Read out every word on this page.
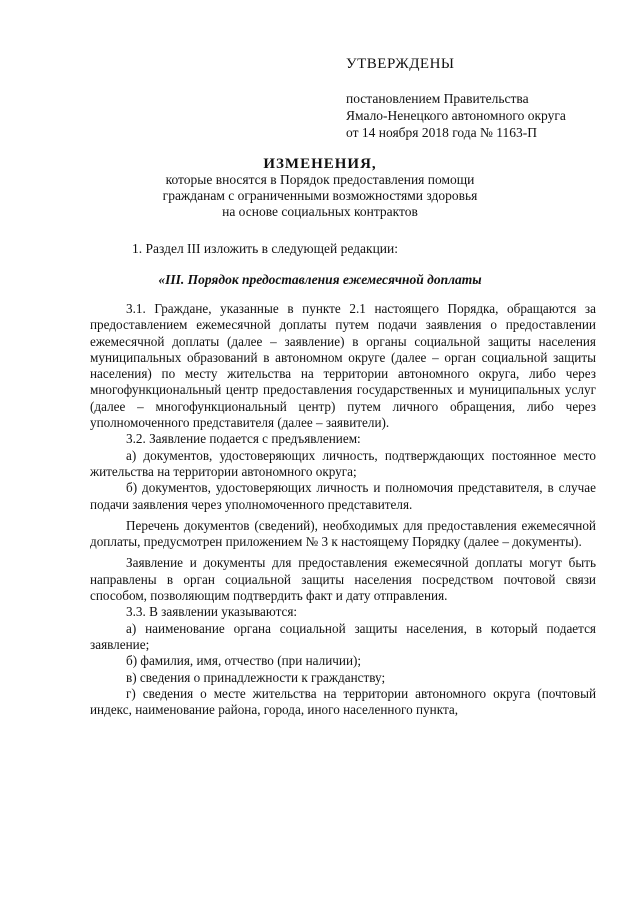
УТВЕРЖДЕНЫ
постановлением Правительства
Ямало-Ненецкого автономного округа
от 14 ноября 2018 года № 1163-П
ИЗМЕНЕНИЯ,
которые вносятся в Порядок предоставления помощи
гражданам с ограниченными возможностями здоровья
на основе социальных контрактов
1. Раздел III изложить в следующей редакции:
«III. Порядок предоставления ежемесячной доплаты

3.1. Граждане, указанные в пункте 2.1 настоящего Порядка, обращаются за предоставлением ежемесячной доплаты путем подачи заявления о предоставлении ежемесячной доплаты (далее – заявление) в органы социальной защиты населения муниципальных образований в автономном округе (далее – орган социальной защиты населения) по месту жительства на территории автономного округа, либо через многофункциональный центр предоставления государственных и муниципальных услуг (далее – многофункциональный центр) путем личного обращения, либо через уполномоченного представителя (далее – заявители).

3.2. Заявление подается с предъявлением:

а) документов, удостоверяющих личность, подтверждающих постоянное место жительства на территории автономного округа;

б) документов, удостоверяющих личность и полномочия представителя, в случае подачи заявления через уполномоченного представителя.

Перечень документов (сведений), необходимых для предоставления ежемесячной доплаты, предусмотрен приложением № 3 к настоящему Порядку (далее – документы).

Заявление и документы для предоставления ежемесячной доплаты могут быть направлены в орган социальной защиты населения посредством почтовой связи способом, позволяющим подтвердить факт и дату отправления.

3.3. В заявлении указываются:

а) наименование органа социальной защиты населения, в который подается заявление;

б) фамилия, имя, отчество (при наличии);

в) сведения о принадлежности к гражданству;

г) сведения о месте жительства на территории автономного округа (почтовый индекс, наименование района, города, иного населенного пункта,
